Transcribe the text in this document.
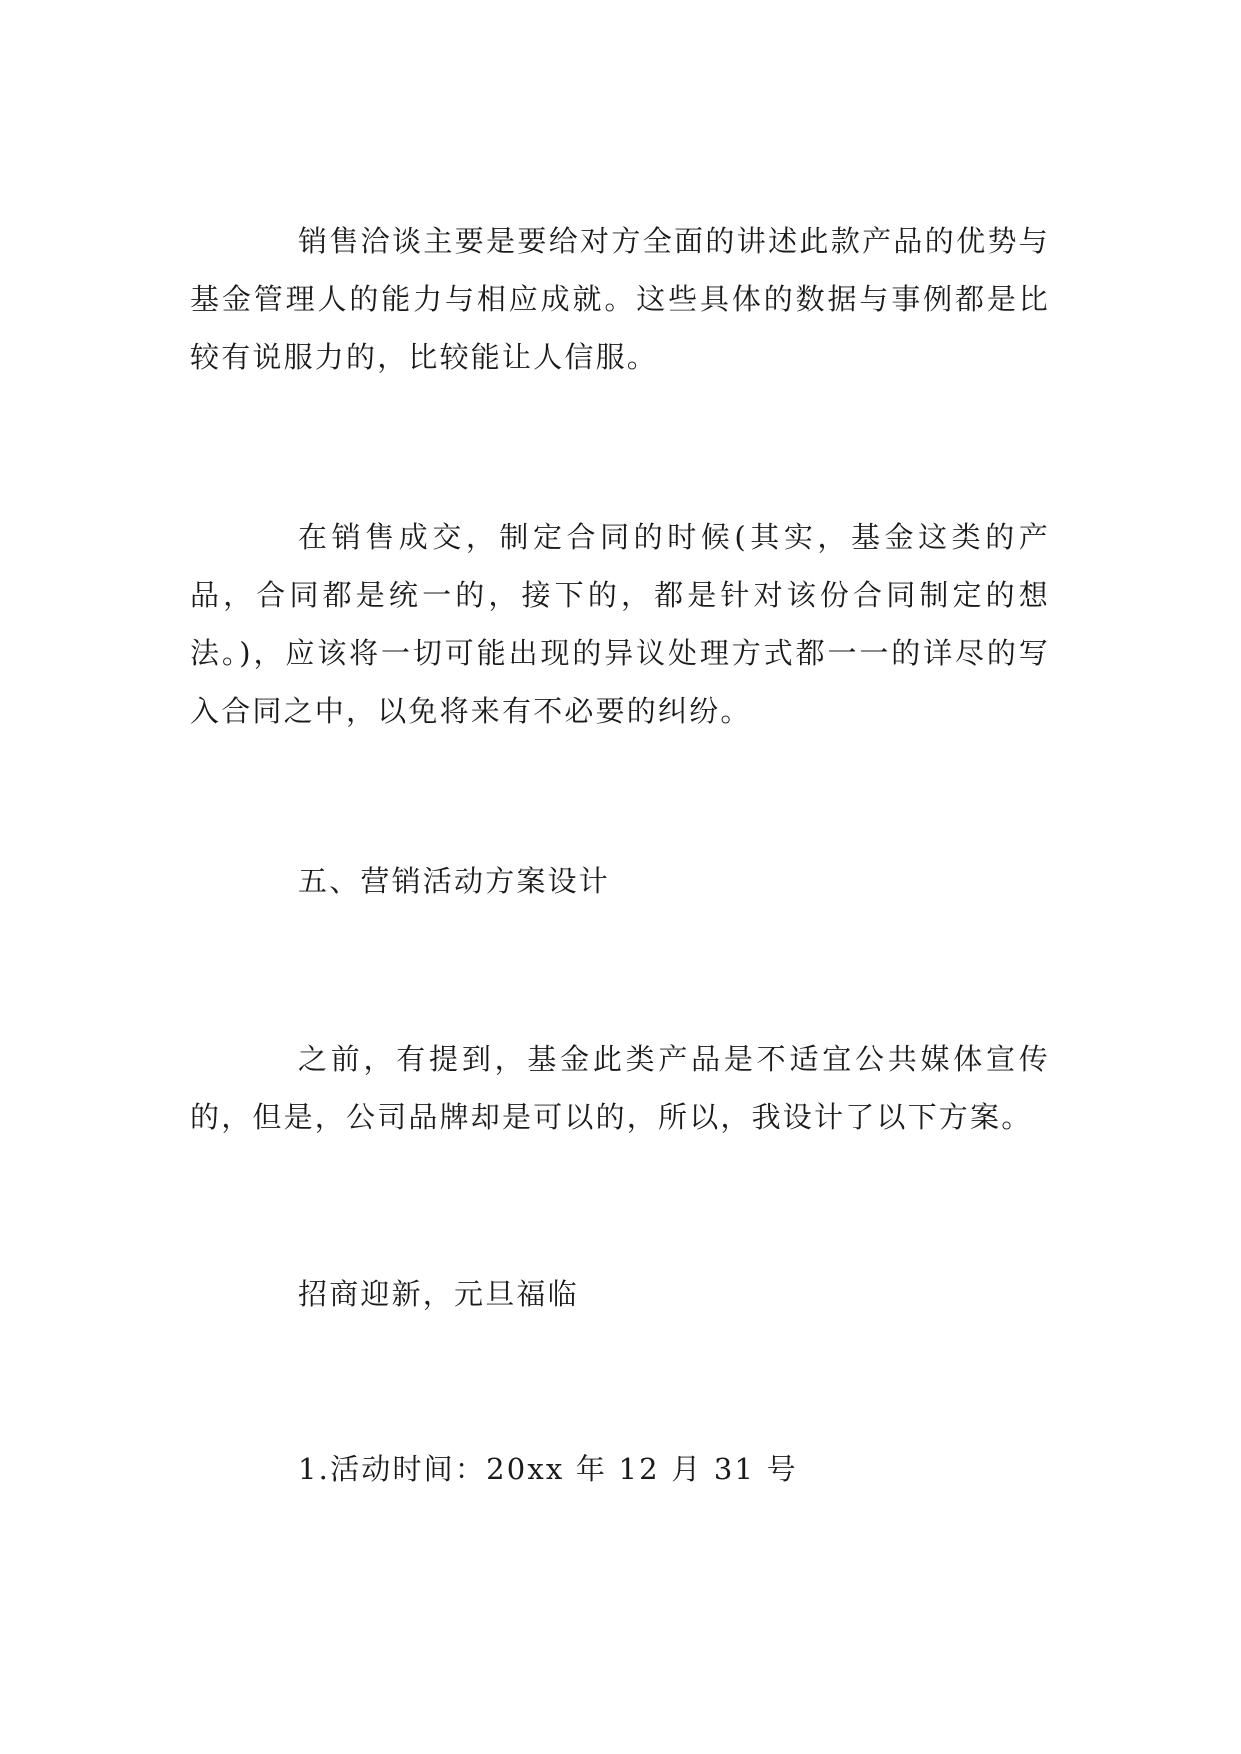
销售洽谈主要是要给对方全面的讲述此款产品的优势与基金管理人的能力与相应成就。这些具体的数据与事例都是比较有说服力的，比较能让人信服。

在销售成交，制定合同的时候(其实，基金这类的产品，合同都是统一的，接下的，都是针对该份合同制定的想法。)，应该将一切可能出现的异议处理方式都一一的详尽的写入合同之中，以免将来有不必要的纠纷。

五、营销活动方案设计

之前，有提到，基金此类产品是不适宜公共媒体宣传的，但是，公司品牌却是可以的，所以，我设计了以下方案。

招商迎新，元旦福临

1.活动时间：20xx 年 12 月 31 号
